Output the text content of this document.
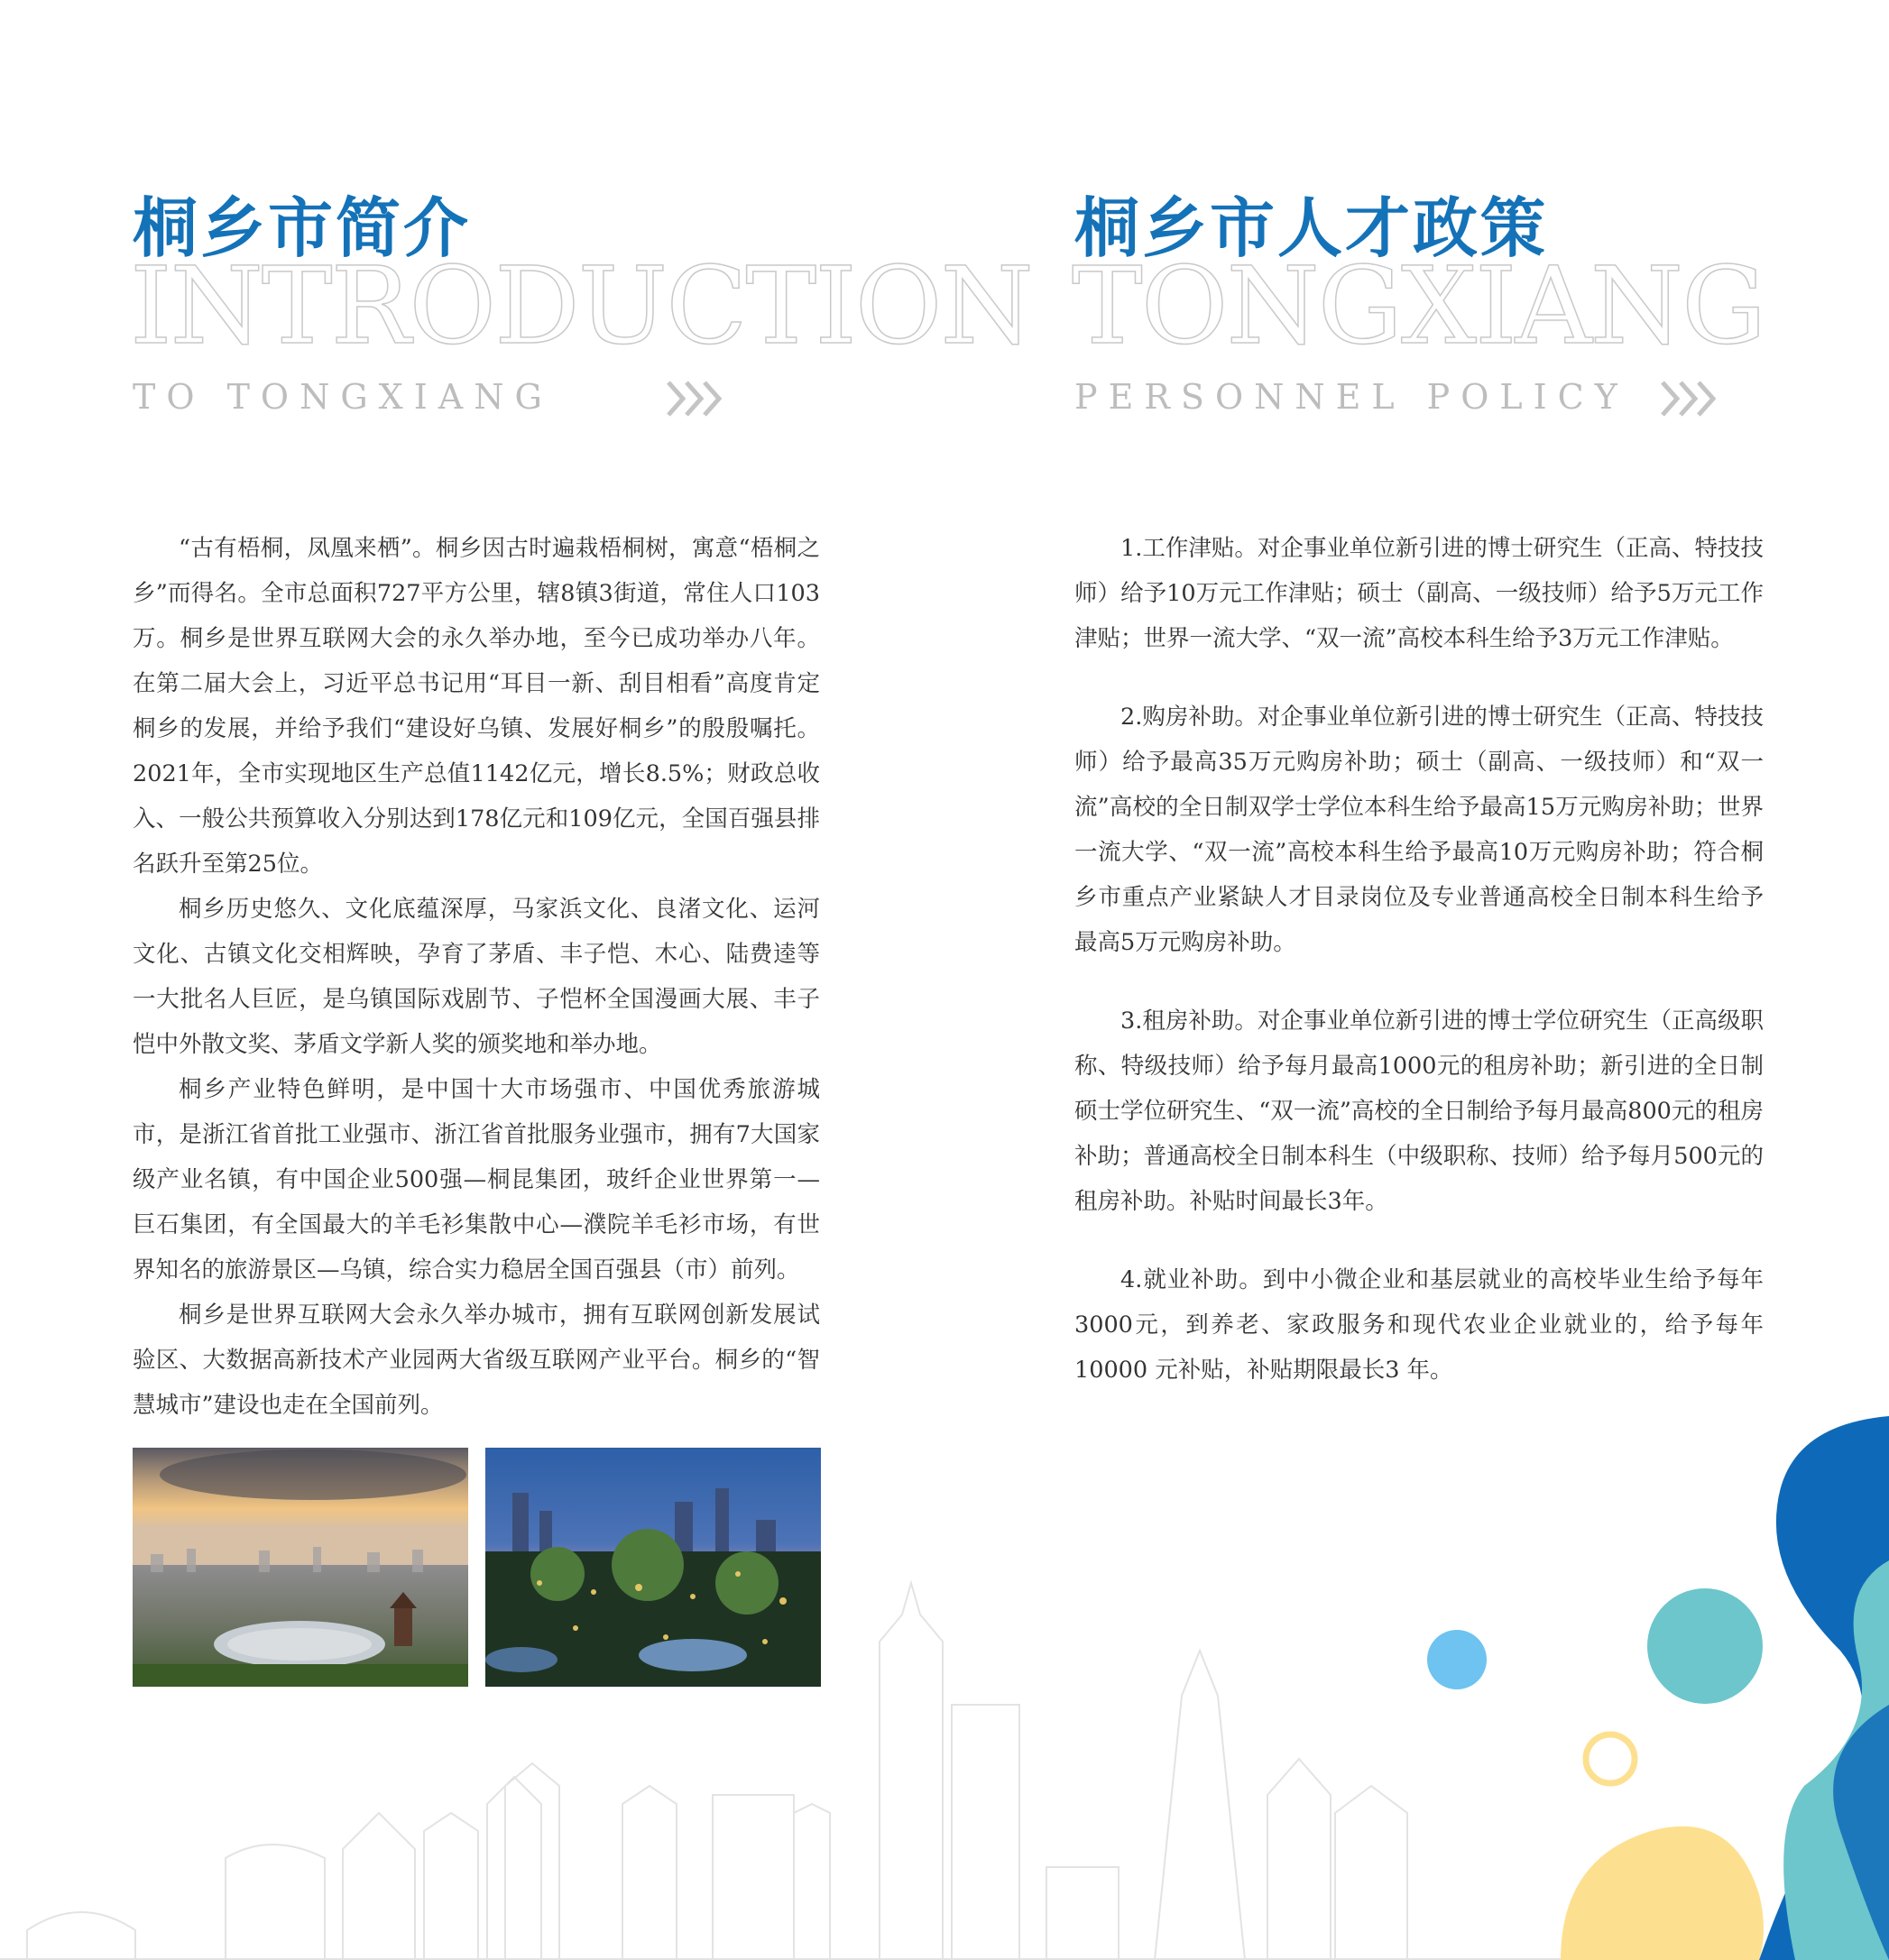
桐乡市简介
INTRODUCTION
TO TONGXIANG

“古有梧桐，凤凰来栖”。桐乡因古时遍栽梧桐树，寓意“梧桐之乡”而得名。全市总面积727平方公里，辖8镇3街道，常住人口103万。桐乡是世界互联网大会的永久举办地，至今已成功举办八年。在第二届大会上，习近平总书记用“耳目一新、刮目相看”高度肯定桐乡的发展，并给予我们“建设好乌镇、发展好桐乡”的殷殷嘱托。2021年，全市实现地区生产总值1142亿元，增长8.5%；财政总收入、一般公共预算收入分别达到178亿元和109亿元，全国百强县排名跃升至第25位。

桐乡历史悠久、文化底蕴深厚，马家浜文化、良渚文化、运河文化、古镇文化交相辉映，孕育了茅盾、丰子恺、木心、陆费逵等一大批名人巨匠，是乌镇国际戏剧节、子恺杯全国漫画大展、丰子恺中外散文奖、茅盾文学新人奖的颁奖地和举办地。

桐乡产业特色鲜明，是中国十大市场强市、中国优秀旅游城市，是浙江省首批工业强市、浙江省首批服务业强市，拥有7大国家级产业名镇，有中国企业500强—桐昆集团，玻纤企业世界第一—巨石集团，有全国最大的羊毛衫集散中心—濮院羊毛衫市场，有世界知名的旅游景区—乌镇，综合实力稳居全国百强县（市）前列。

桐乡是世界互联网大会永久举办城市，拥有互联网创新发展试验区、大数据高新技术产业园两大省级互联网产业平台。桐乡的“智慧城市”建设也走在全国前列。

桐乡市人才政策
TONGXIANG
PERSONNEL POLICY

1.工作津贴。对企事业单位新引进的博士研究生（正高、特技技师）给予10万元工作津贴；硕士（副高、一级技师）给予5万元工作津贴；世界一流大学、“双一流”高校本科生给予3万元工作津贴。

2.购房补助。对企事业单位新引进的博士研究生（正高、特技技师）给予最高35万元购房补助；硕士（副高、一级技师）和“双一流”高校的全日制双学士学位本科生给予最高15万元购房补助；世界一流大学、“双一流”高校本科生给予最高10万元购房补助；符合桐乡市重点产业紧缺人才目录岗位及专业普通高校全日制本科生给予最高5万元购房补助。

3.租房补助。对企事业单位新引进的博士学位研究生（正高级职称、特级技师）给予每月最高1000元的租房补助；新引进的全日制硕士学位研究生、“双一流”高校的全日制给予每月最高800元的租房补助；普通高校全日制本科生（中级职称、技师）给予每月500元的租房补助。补贴时间最长3年。

4.就业补助。到中小微企业和基层就业的高校毕业生给予每年3000元，到养老、家政服务和现代农业企业就业的，给予每年 10000 元补贴，补贴期限最长3 年。
